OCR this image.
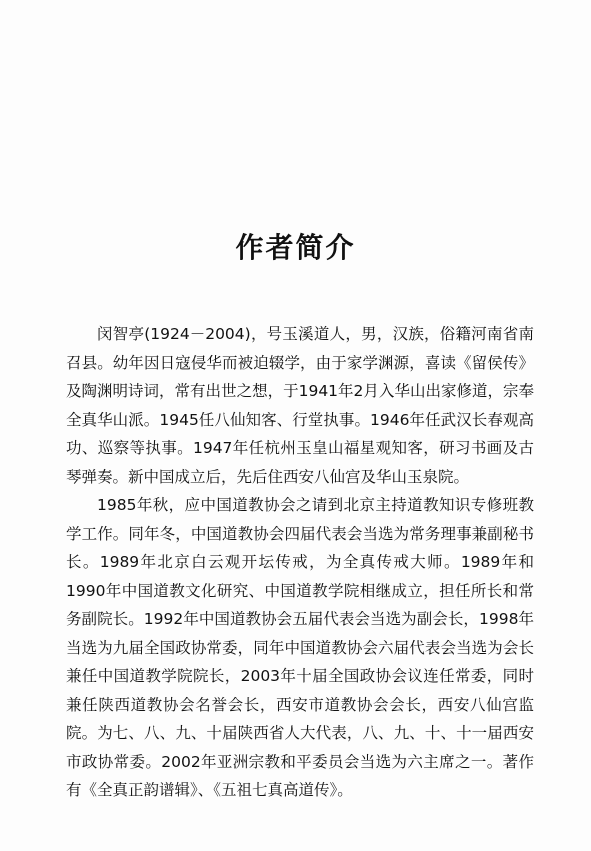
作者简介

闵智亭(1924－2004)，号玉溪道人，男，汉族，俗籍河南省南召县。幼年因日寇侵华而被迫辍学，由于家学渊源，喜读《留侯传》及陶渊明诗词，常有出世之想，于1941年2月入华山出家修道，宗奉全真华山派。1945任八仙知客、行堂执事。1946年任武汉长春观高功、巡察等执事。1947年任杭州玉皇山福星观知客，研习书画及古琴弹奏。新中国成立后，先后住西安八仙宫及华山玉泉院。

1985年秋，应中国道教协会之请到北京主持道教知识专修班教学工作。同年冬，中国道教协会四届代表会当选为常务理事兼副秘书长。1989年北京白云观开坛传戒，为全真传戒大师。1989年和1990年中国道教文化研究、中国道教学院相继成立，担任所长和常务副院长。1992年中国道教协会五届代表会当选为副会长，1998年当选为九届全国政协常委，同年中国道教协会六届代表会当选为会长兼任中国道教学院院长，2003年十届全国政协会议连任常委，同时兼任陕西道教协会名誉会长，西安市道教协会会长，西安八仙宫监院。为七、八、九、十届陕西省人大代表，八、九、十、十一届西安市政协常委。2002年亚洲宗教和平委员会当选为六主席之一。著作有《全真正韵谱辑》、《五祖七真高道传》。
